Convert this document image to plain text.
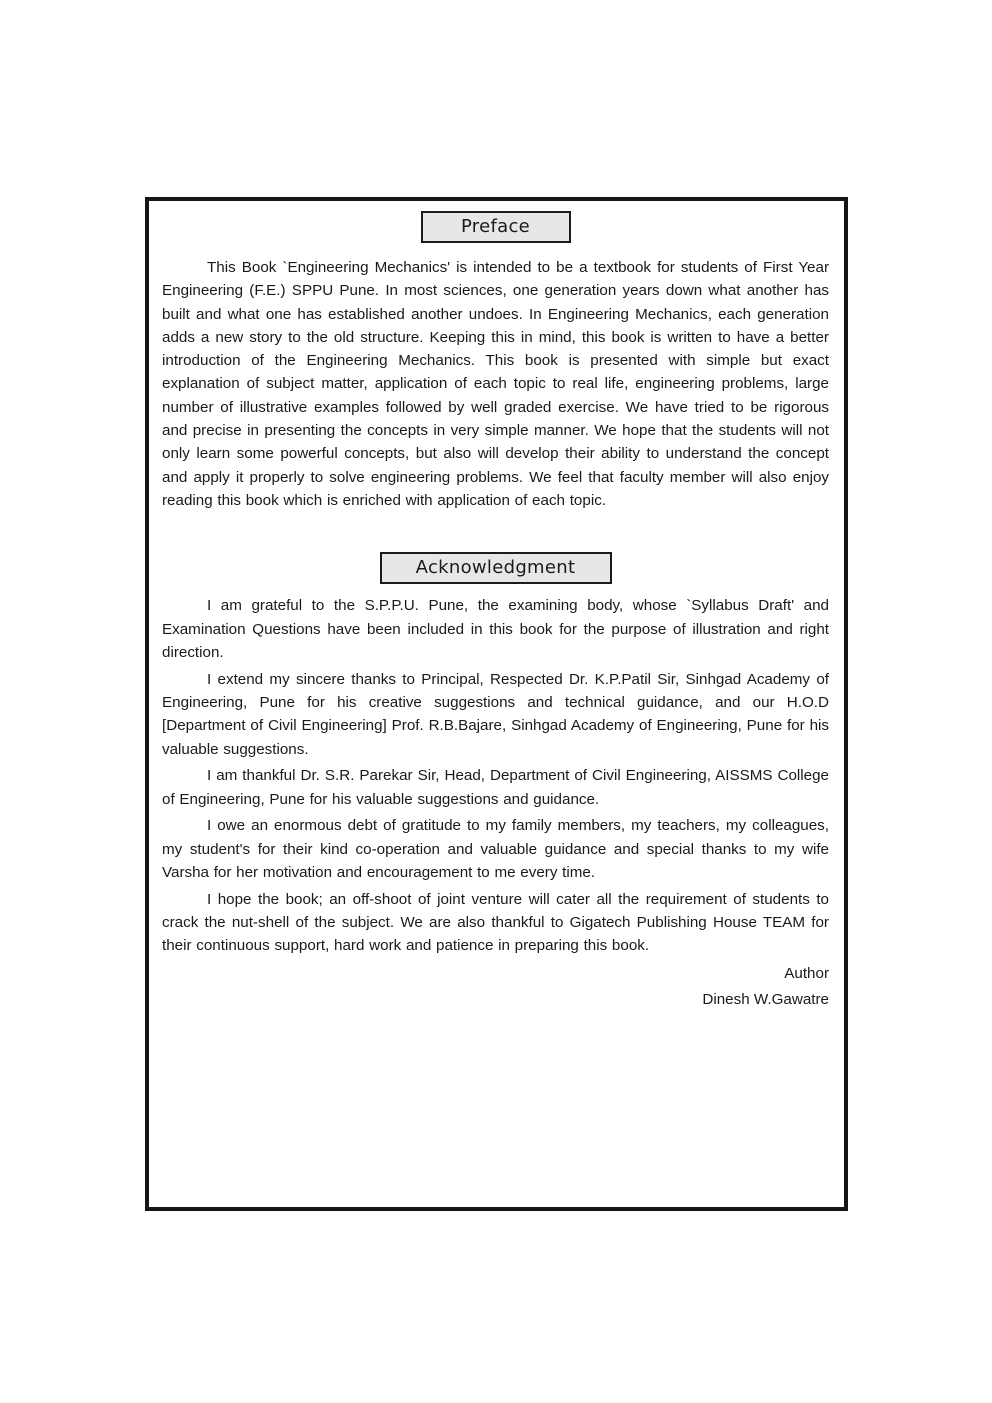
Preface

This Book `Engineering Mechanics' is intended to be a textbook for students of First Year Engineering (F.E.) SPPU Pune. In most sciences, one generation years down what another has built and what one has established another undoes. In Engineering Mechanics, each generation adds a new story to the old structure. Keeping this in mind, this book is written to have a better introduction of the Engineering Mechanics. This book is presented with simple but exact explanation of subject matter, application of each topic to real life, engineering problems, large number of illustrative examples followed by well graded exercise. We have tried to be rigorous and precise in presenting the concepts in very simple manner. We hope that the students will not only learn some powerful concepts, but also will develop their ability to understand the concept and apply it properly to solve engineering problems. We feel that faculty member will also enjoy reading this book which is enriched with application of each topic.

Acknowledgment

I am grateful to the S.P.P.U. Pune, the examining body, whose `Syllabus Draft' and Examination Questions have been included in this book for the purpose of illustration and right direction.

I extend my sincere thanks to Principal, Respected Dr. K.P.Patil Sir, Sinhgad Academy of Engineering, Pune for his creative suggestions and technical guidance, and our H.O.D [Department of Civil Engineering] Prof. R.B.Bajare, Sinhgad Academy of Engineering, Pune for his valuable suggestions.

I am thankful Dr. S.R. Parekar Sir, Head, Department of Civil Engineering, AISSMS College of Engineering, Pune for his valuable suggestions and guidance.

I owe an enormous debt of gratitude to my family members, my teachers, my colleagues, my student's for their kind co-operation and valuable guidance and special thanks to my wife Varsha for her motivation and encouragement to me every time.

I hope the book; an off-shoot of joint venture will cater all the requirement of students to crack the nut-shell of the subject. We are also thankful to Gigatech Publishing House TEAM for their continuous support, hard work and patience in preparing this book.

Author
Dinesh W.Gawatre
